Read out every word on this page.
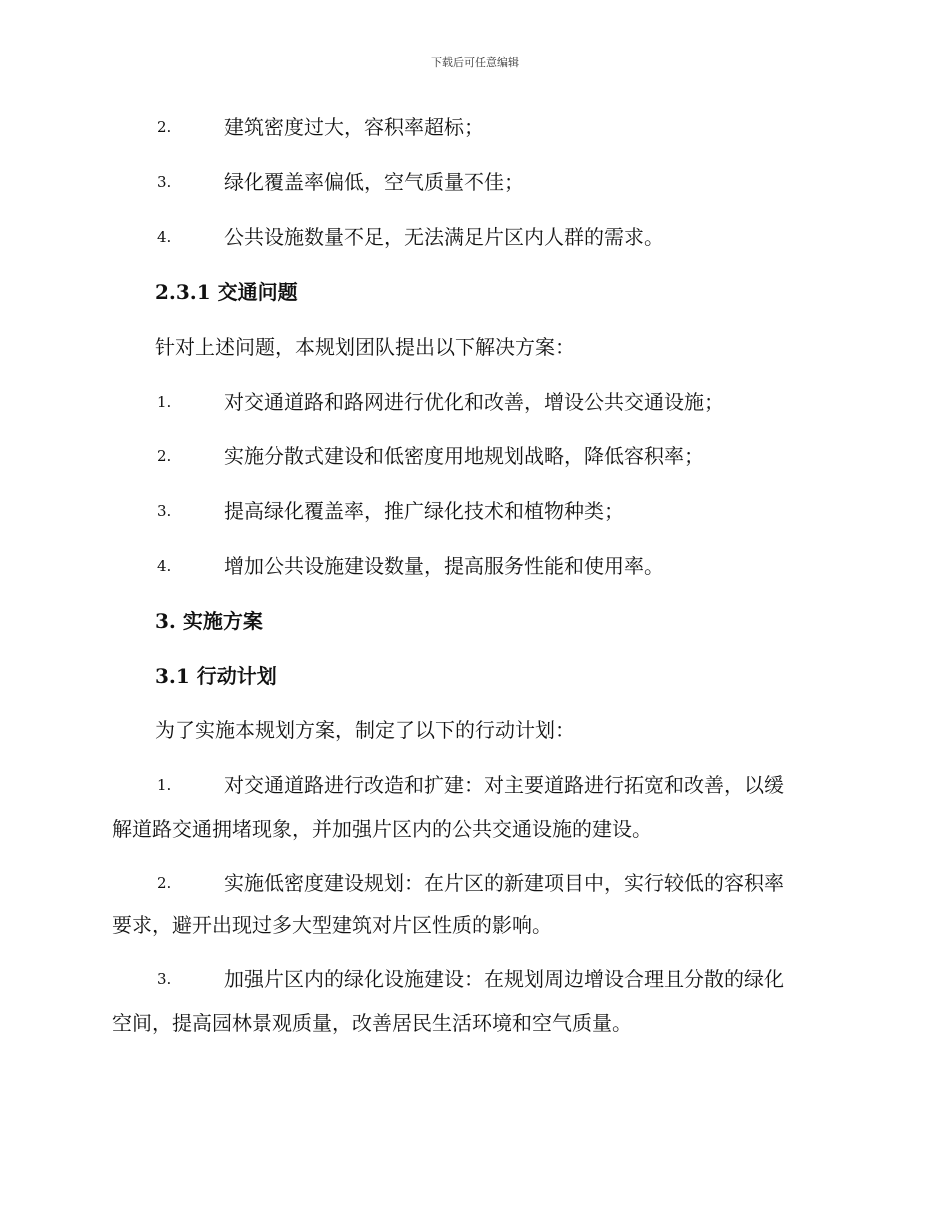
下载后可任意编辑
2.	建筑密度过大，容积率超标；
3.	绿化覆盖率偏低，空气质量不佳；
4.	公共设施数量不足，无法满足片区内人群的需求。
2.3.1 交通问题
针对上述问题，本规划团队提出以下解决方案：
1.	对交通道路和路网进行优化和改善，增设公共交通设施；
2.	实施分散式建设和低密度用地规划战略，降低容积率；
3.	提高绿化覆盖率，推广绿化技术和植物种类；
4.	增加公共设施建设数量，提高服务性能和使用率。
3. 实施方案
3.1 行动计划
为了实施本规划方案，制定了以下的行动计划：
1.	对交通道路进行改造和扩建：对主要道路进行拓宽和改善，以缓
解道路交通拥堵现象，并加强片区内的公共交通设施的建设。
2.	实施低密度建设规划：在片区的新建项目中，实行较低的容积率
要求，避开出现过多大型建筑对片区性质的影响。
3.	加强片区内的绿化设施建设：在规划周边增设合理且分散的绿化
空间，提高园林景观质量，改善居民生活环境和空气质量。
